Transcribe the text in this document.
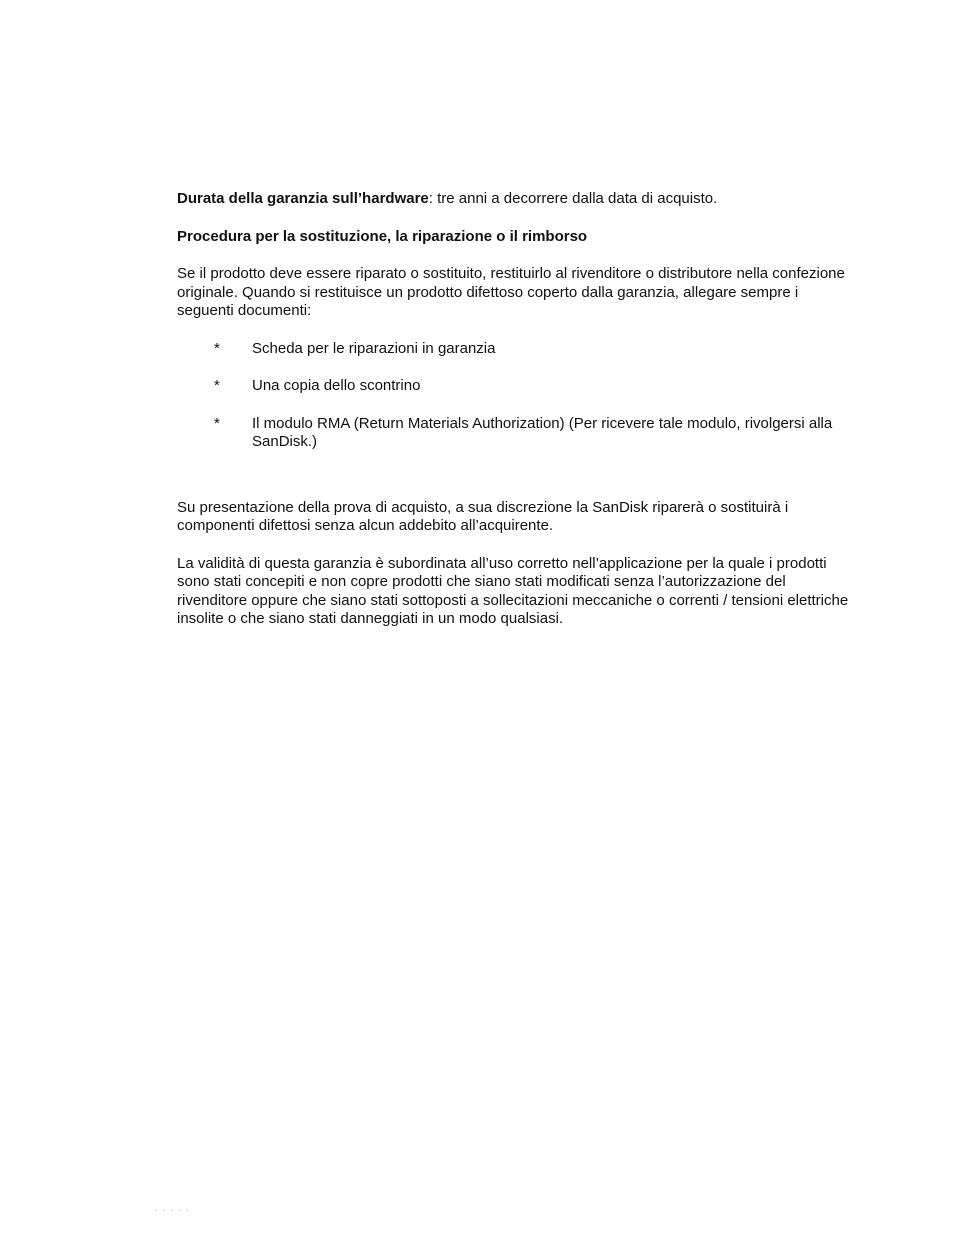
Durata della garanzia sull’hardware: tre anni a decorrere dalla data di acquisto.

Procedura per la sostituzione, la riparazione o il rimborso

Se il prodotto deve essere riparato o sostituito, restituirlo al rivenditore o distributore nella confezione originale. Quando si restituisce un prodotto difettoso coperto dalla garanzia, allegare sempre i seguenti documenti:

* Scheda per le riparazioni in garanzia
* Una copia dello scontrino
* Il modulo RMA (Return Materials Authorization) (Per ricevere tale modulo, rivolgersi alla SanDisk.)

Su presentazione della prova di acquisto, a sua discrezione la SanDisk riparerà o sostituirà i componenti difettosi senza alcun addebito all’acquirente.

La validità di questa garanzia è subordinata all’uso corretto nell’applicazione per la quale i prodotti sono stati concepiti e non copre prodotti che siano stati modificati senza l’autorizzazione del rivenditore oppure che siano stati sottoposti a sollecitazioni meccaniche o correnti / tensioni elettriche insolite o che siano stati danneggiati in un modo qualsiasi.

▪ ▪ ▪ ▪ ▪
